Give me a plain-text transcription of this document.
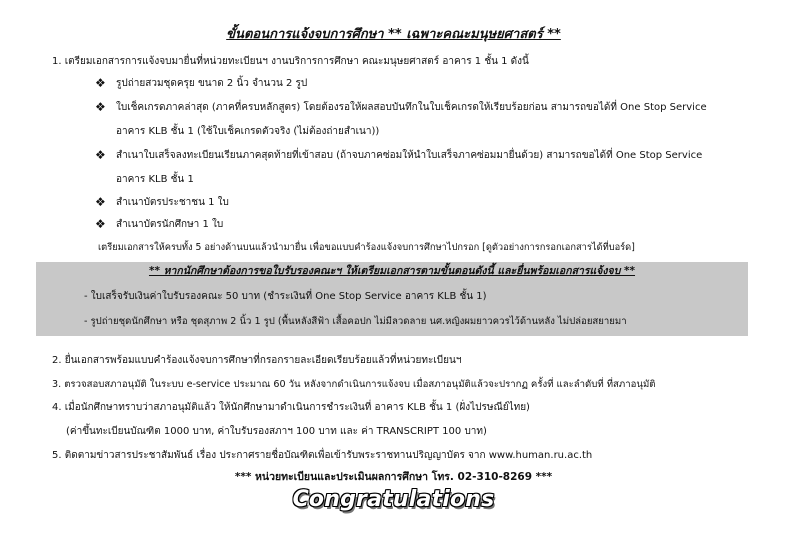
ขั้นตอนการแจ้งจบการศึกษา ** เฉพาะคณะมนุษยศาสตร์ **
1. เตรียมเอกสารการแจ้งจบมายื่นที่หน่วยทะเบียนฯ งานบริการการศึกษา คณะมนุษยศาสตร์ อาคาร 1 ชั้น 1 ดังนี้
❖ รูปถ่ายสวมชุดครุย ขนาด 2 นิ้ว จำนวน 2 รูป
❖ ใบเช็คเกรดภาคล่าสุด (ภาคที่ครบหลักสูตร) โดยต้องรอให้ผลสอบบันทึกในใบเช็คเกรดให้เรียบร้อยก่อน สามารถขอได้ที่ One Stop Service
อาคาร KLB ชั้น 1 (ใช้ใบเช็คเกรดตัวจริง (ไม่ต้องถ่ายสำเนา))
❖ สำเนาใบเสร็จลงทะเบียนเรียนภาคสุดท้ายที่เข้าสอบ (ถ้าจบภาคซ่อมให้นำใบเสร็จภาคซ่อมมายื่นด้วย) สามารถขอได้ที่ One Stop Service
อาคาร KLB ชั้น 1
❖ สำเนาบัตรประชาชน 1 ใบ
❖ สำเนาบัตรนักศึกษา 1 ใบ
เตรียมเอกสารให้ครบทั้ง 5 อย่างด้านบนแล้วนำมายื่น เพื่อขอแบบคำร้องแจ้งจบการศึกษาไปกรอก [ดูตัวอย่างการกรอกเอกสารได้ที่บอร์ด]
** หากนักศึกษาต้องการขอใบรับรองคณะฯ ให้เตรียมเอกสารตามขั้นตอนดังนี้ และยื่นพร้อมเอกสารแจ้งจบ **
- ใบเสร็จรับเงินค่าใบรับรองคณะ 50 บาท (ชำระเงินที่ One Stop Service อาคาร KLB ชั้น 1)
- รูปถ่ายชุดนักศึกษา หรือ ชุดสุภาพ 2 นิ้ว 1 รูป (พื้นหลังสีฟ้า เสื้อคอปก ไม่มีลวดลาย นศ.หญิงผมยาวควรไว้ด้านหลัง ไม่ปล่อยสยายมา
2. ยื่นเอกสารพร้อมแบบคำร้องแจ้งจบการศึกษาที่กรอกรายละเอียดเรียบร้อยแล้วที่หน่วยทะเบียนฯ
3. ตรวจสอบสภาอนุมัติ ในระบบ e-service ประมาณ 60 วัน หลังจากดำเนินการแจ้งจบ เมื่อสภาอนุมัติแล้วจะปรากฏ ครั้งที่ และลำดับที่ ที่สภาอนุมัติ
4. เมื่อนักศึกษาทราบว่าสภาอนุมัติแล้ว ให้นักศึกษามาดำเนินการชำระเงินที่ อาคาร KLB ชั้น 1 (ฝั่งไปรษณีย์ไทย)
(ค่าขึ้นทะเบียนบัณฑิต 1000 บาท, ค่าใบรับรองสภาฯ 100 บาท และ ค่า TRANSCRIPT 100 บาท)
5. ติดตามข่าวสารประชาสัมพันธ์ เรื่อง ประกาศรายชื่อบัณฑิตเพื่อเข้ารับพระราชทานปริญญาบัตร จาก www.human.ru.ac.th
*** หน่วยทะเบียนและประเมินผลการศึกษา โทร. 02-310-8269 ***
Congratulations
